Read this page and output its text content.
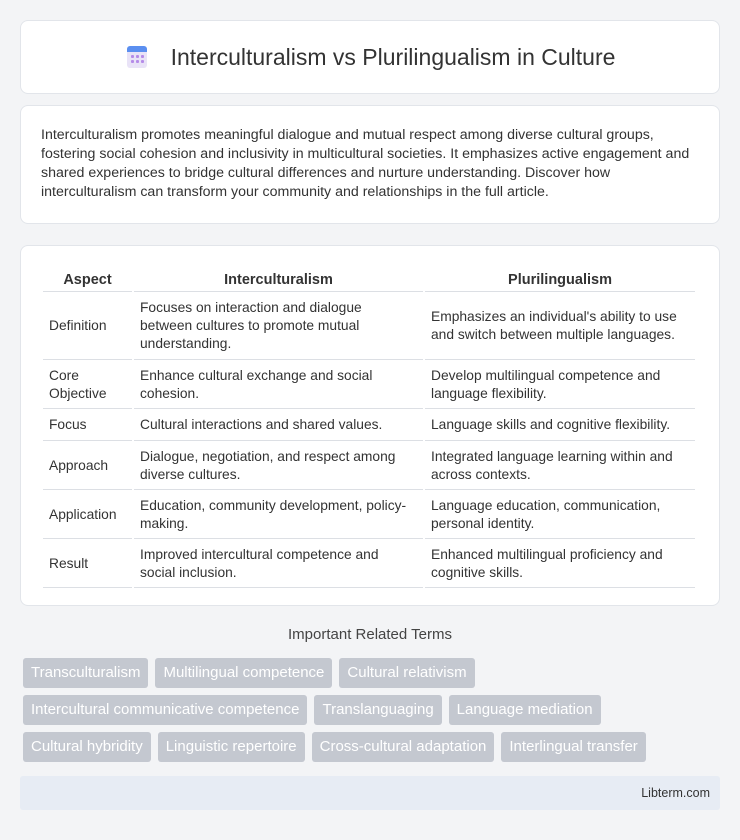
Interculturalism vs Plurilingualism in Culture

Interculturalism promotes meaningful dialogue and mutual respect among diverse cultural groups, fostering social cohesion and inclusivity in multicultural societies. It emphasizes active engagement and shared experiences to bridge cultural differences and nurture understanding. Discover how interculturalism can transform your community and relationships in the full article.

Aspect	Interculturalism	Plurilingualism
Definition	Focuses on interaction and dialogue between cultures to promote mutual understanding.	Emphasizes an individual's ability to use and switch between multiple languages.
Core Objective	Enhance cultural exchange and social cohesion.	Develop multilingual competence and language flexibility.
Focus	Cultural interactions and shared values.	Language skills and cognitive flexibility.
Approach	Dialogue, negotiation, and respect among diverse cultures.	Integrated language learning within and across contexts.
Application	Education, community development, policy-making.	Language education, communication, personal identity.
Result	Improved intercultural competence and social inclusion.	Enhanced multilingual proficiency and cognitive skills.
Important Related Terms
Transculturalism	Multilingual competence	Cultural relativism
Intercultural communicative competence	Translanguaging	Language mediation
Cultural hybridity	Linguistic repertoire	Cross-cultural adaptation	Interlingual transfer
Libterm.com
